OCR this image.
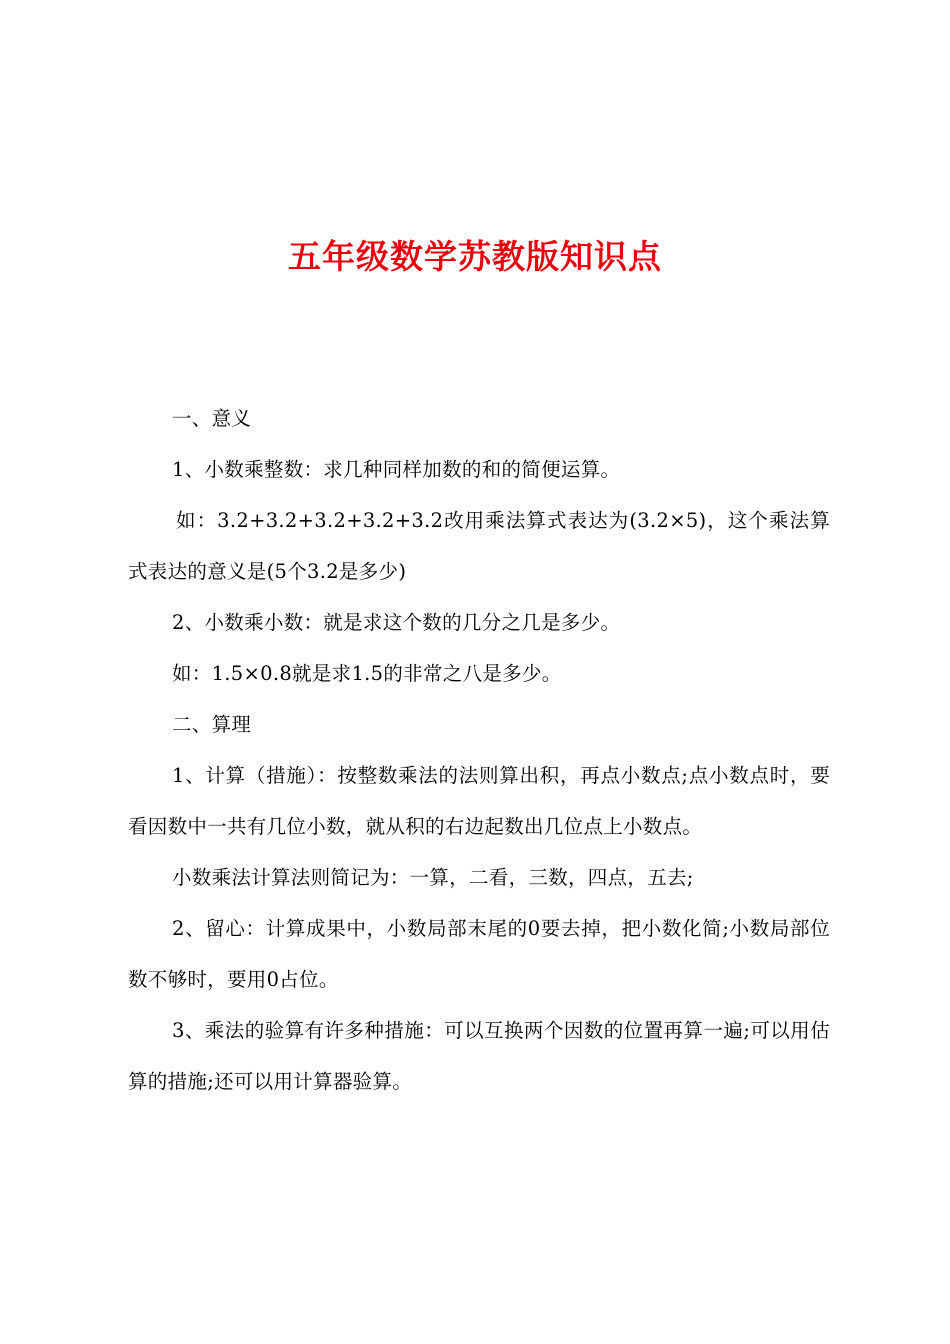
五年级数学苏教版知识点

一、意义

1、小数乘整数：求几种同样加数的和的简便运算。

如：3.2+3.2+3.2+3.2+3.2改用乘法算式表达为(3.2×5)，这个乘法算式表达的意义是(5个3.2是多少)

2、小数乘小数：就是求这个数的几分之几是多少。

如：1.5×0.8就是求1.5的非常之八是多少。

二、算理

1、计算（措施）：按整数乘法的法则算出积，再点小数点;点小数点时，要看因数中一共有几位小数，就从积的右边起数出几位点上小数点。

小数乘法计算法则简记为：一算，二看，三数，四点，五去;

2、留心：计算成果中，小数局部末尾的0要去掉，把小数化简;小数局部位数不够时，要用0占位。

3、乘法的验算有许多种措施：可以互换两个因数的位置再算一遍;可以用估算的措施;还可以用计算器验算。
